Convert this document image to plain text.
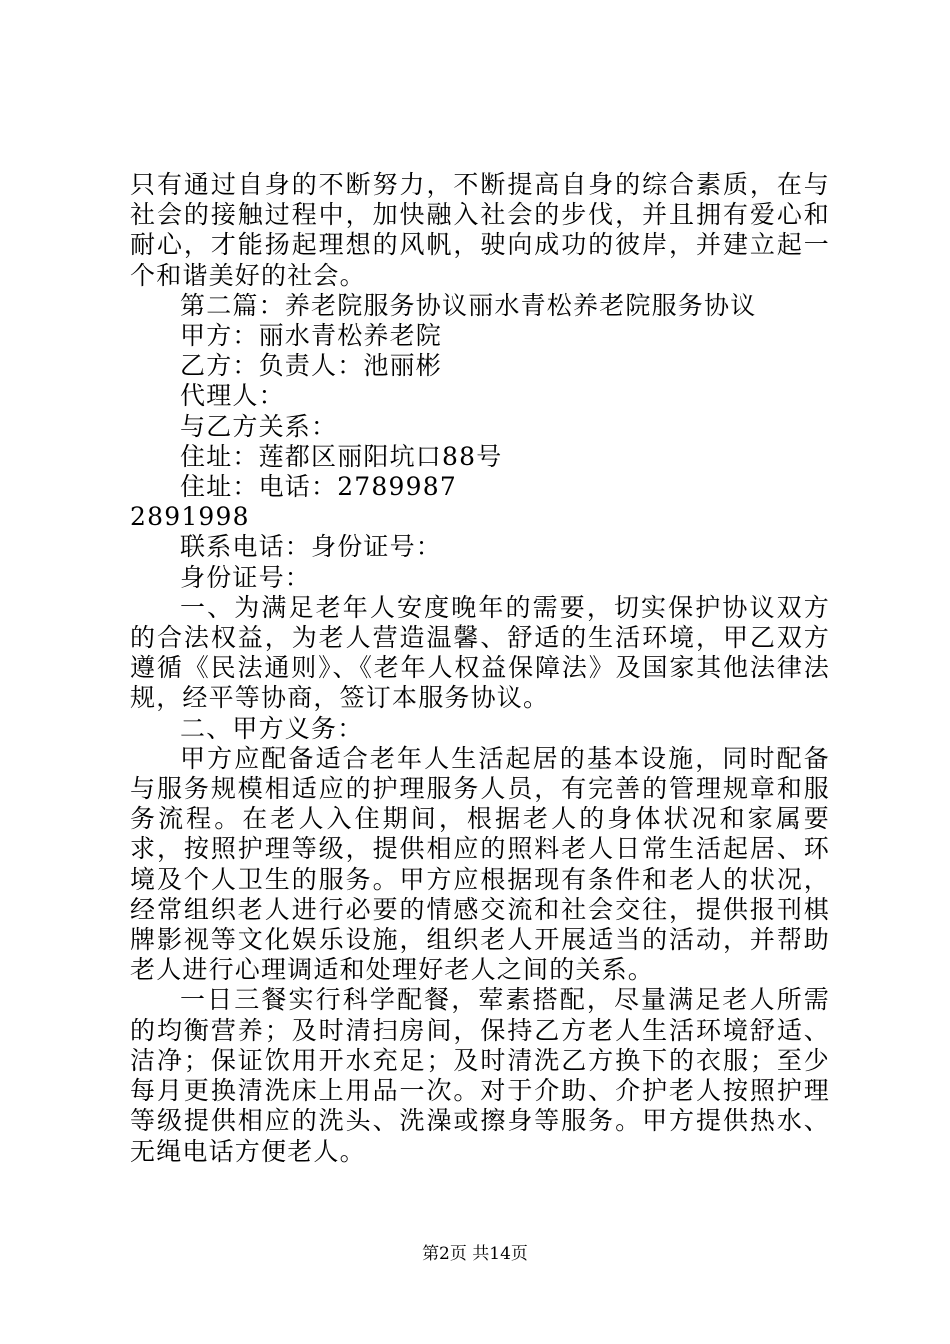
只有通过自身的不断努力，不断提高自身的综合素质，在与社会的接触过程中，加快融入社会的步伐，并且拥有爱心和耐心，才能扬起理想的风帆，驶向成功的彼岸，并建立起一个和谐美好的社会。

第二篇：养老院服务协议丽水青松养老院服务协议

甲方：丽水青松养老院

乙方：负责人：池丽彬

代理人：

与乙方关系：

住址：莲都区丽阳坑口88号

住址：电话：2789987

2891998

联系电话：身份证号：

身份证号：

一、为满足老年人安度晚年的需要，切实保护协议双方的合法权益，为老人营造温馨、舒适的生活环境，甲乙双方遵循《民法通则》、《老年人权益保障法》及国家其他法律法规，经平等协商，签订本服务协议。

二、甲方义务：

甲方应配备适合老年人生活起居的基本设施，同时配备与服务规模相适应的护理服务人员，有完善的管理规章和服务流程。在老人入住期间，根据老人的身体状况和家属要求，按照护理等级，提供相应的照料老人日常生活起居、环境及个人卫生的服务。甲方应根据现有条件和老人的状况，经常组织老人进行必要的情感交流和社会交往，提供报刊棋牌影视等文化娱乐设施，组织老人开展适当的活动，并帮助老人进行心理调适和处理好老人之间的关系。

一日三餐实行科学配餐，荤素搭配，尽量满足老人所需的均衡营养；及时清扫房间，保持乙方老人生活环境舒适、洁净；保证饮用开水充足；及时清洗乙方换下的衣服；至少每月更换清洗床上用品一次。对于介助、介护老人按照护理等级提供相应的洗头、洗澡或擦身等服务。甲方提供热水、无绳电话方便老人。

第2页 共14页
